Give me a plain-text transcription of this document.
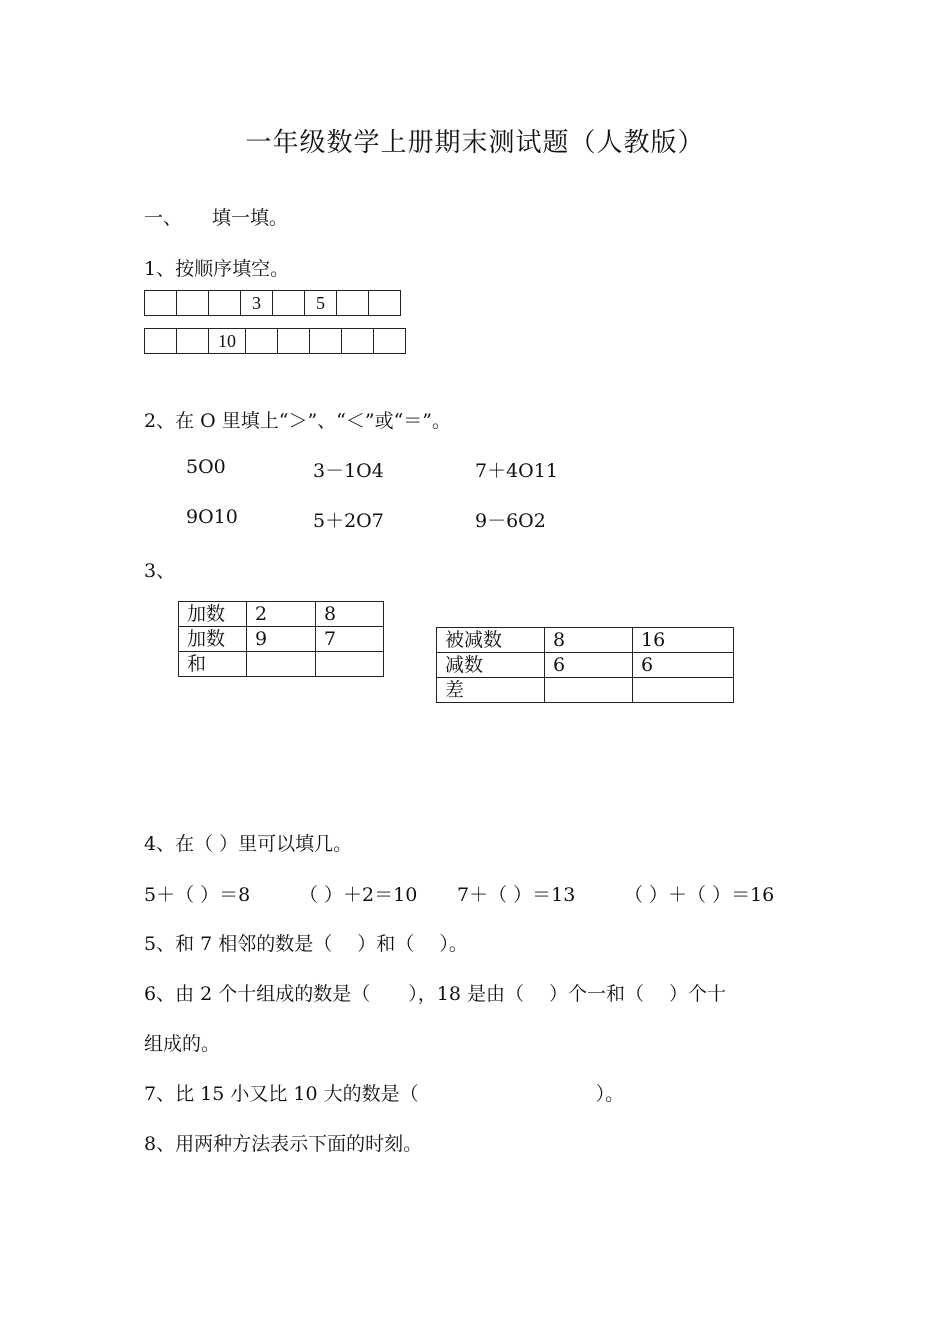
一年级数学上册期末测试题（人教版）
一、 填一填。
1、按顺序填空。
			3		5		
		10					
2、在 O 里填上“＞”、“＜”或“＝”。
5O0	3－1O4	7＋4O11
9O10	5＋2O7	9－6O2
3、
加数	2	8
加数	9	7
和		
被减数	8	16
减数	6	6
差		
4、在（ ）里可以填几。
5＋（ ）＝8	（ ）＋2＝10 7＋（ ）＝13	（ ）＋（ ）＝16
5、和 7 相邻的数是（　 ）和（　 ）。
6、由 2 个十组成的数是（　　），18 是由（　 ）个一和（　 ）个十
组成的。
7、比 15 小又比 10 大的数是（　　　　　　　　　 ）。
8、用两种方法表示下面的时刻。
